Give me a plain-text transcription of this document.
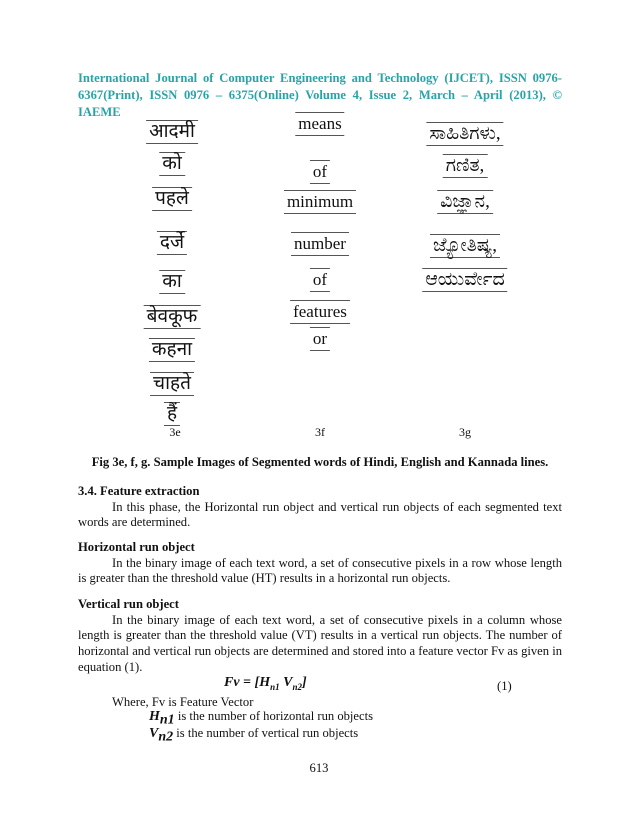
International Journal of Computer Engineering and Technology (IJCET), ISSN 0976-
6367(Print), ISSN 0976 – 6375(Online) Volume 4, Issue 2, March – April (2013), © IAEME
आदमी
को
पहले
दर्जे
का
बेवकूफ
कहना
चाहते
हैं
means
of
minimum
number
of
features
or
ಸಾಹಿತಿಗಳು,
ಗಣಿತ,
ವಿಜ್ಞಾನ,
ಜ್ಯೋತಿಷ್ಯ,
ಆಯುರ್ವೇದ
3e	3f	3g
Fig 3e, f, g. Sample Images of Segmented words of Hindi, English and Kannada lines.
3.4. Feature extraction
In this phase, the Horizontal run object and vertical run objects of each segmented text words are determined.
Horizontal run object
In the binary image of each text word, a set of consecutive pixels in a row whose length is greater than the threshold value (HT) results in a horizontal run objects.
Vertical run object
In the binary image of each text word, a set of consecutive pixels in a column whose length is greater than the threshold value (VT) results in a vertical run objects. The number of horizontal and vertical run objects are determined and stored into a feature vector Fv as given in equation (1).
$Fv = [H_{n1}$ $V_{n2}$]	(1)
Where, Fv is Feature Vector
$H_{n1}$ is the number of horizontal run objects
$V_{n2}$ is the number of vertical run objects
613
